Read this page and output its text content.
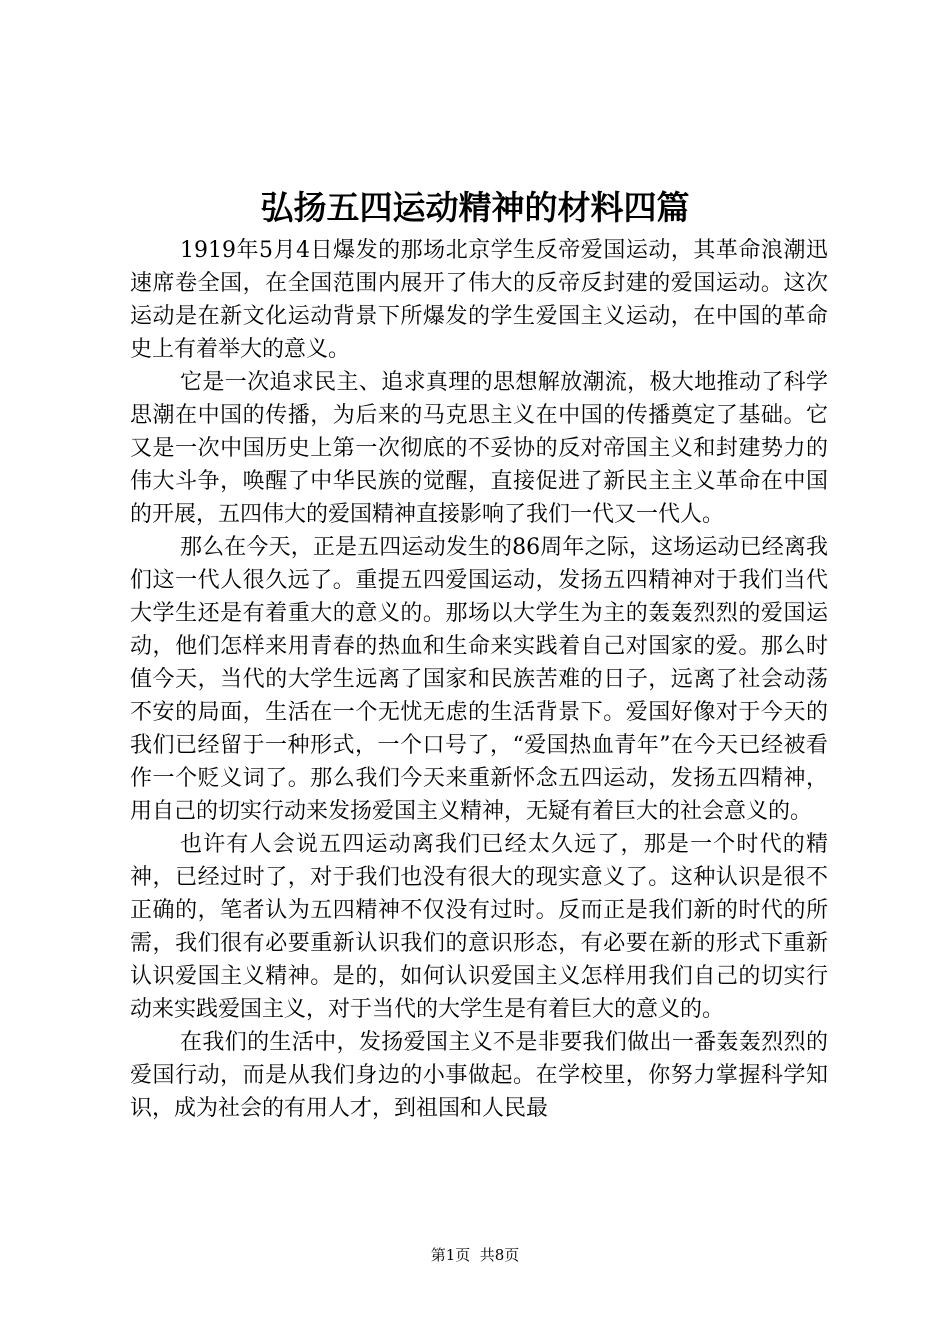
弘扬五四运动精神的材料四篇

1919年5月4日爆发的那场北京学生反帝爱国运动，其革命浪潮迅速席卷全国，在全国范围内展开了伟大的反帝反封建的爱国运动。这次运动是在新文化运动背景下所爆发的学生爱国主义运动，在中国的革命史上有着举大的意义。

它是一次追求民主、追求真理的思想解放潮流，极大地推动了科学思潮在中国的传播，为后来的马克思主义在中国的传播奠定了基础。它又是一次中国历史上第一次彻底的不妥协的反对帝国主义和封建势力的伟大斗争，唤醒了中华民族的觉醒，直接促进了新民主主义革命在中国的开展，五四伟大的爱国精神直接影响了我们一代又一代人。

那么在今天，正是五四运动发生的86周年之际，这场运动已经离我们这一代人很久远了。重提五四爱国运动，发扬五四精神对于我们当代大学生还是有着重大的意义的。那场以大学生为主的轰轰烈烈的爱国运动，他们怎样来用青春的热血和生命来实践着自己对国家的爱。那么时值今天，当代的大学生远离了国家和民族苦难的日子，远离了社会动荡不安的局面，生活在一个无忧无虑的生活背景下。爱国好像对于今天的我们已经留于一种形式，一个口号了，“爱国热血青年”在今天已经被看作一个贬义词了。那么我们今天来重新怀念五四运动，发扬五四精神，用自己的切实行动来发扬爱国主义精神，无疑有着巨大的社会意义的。

也许有人会说五四运动离我们已经太久远了，那是一个时代的精神，已经过时了，对于我们也没有很大的现实意义了。这种认识是很不正确的，笔者认为五四精神不仅没有过时。反而正是我们新的时代的所需，我们很有必要重新认识我们的意识形态，有必要在新的形式下重新认识爱国主义精神。是的，如何认识爱国主义怎样用我们自己的切实行动来实践爱国主义，对于当代的大学生是有着巨大的意义的。

在我们的生活中，发扬爱国主义不是非要我们做出一番轰轰烈烈的爱国行动，而是从我们身边的小事做起。在学校里，你努力掌握科学知识，成为社会的有用人才，到祖国和人民最

第1页  共8页
